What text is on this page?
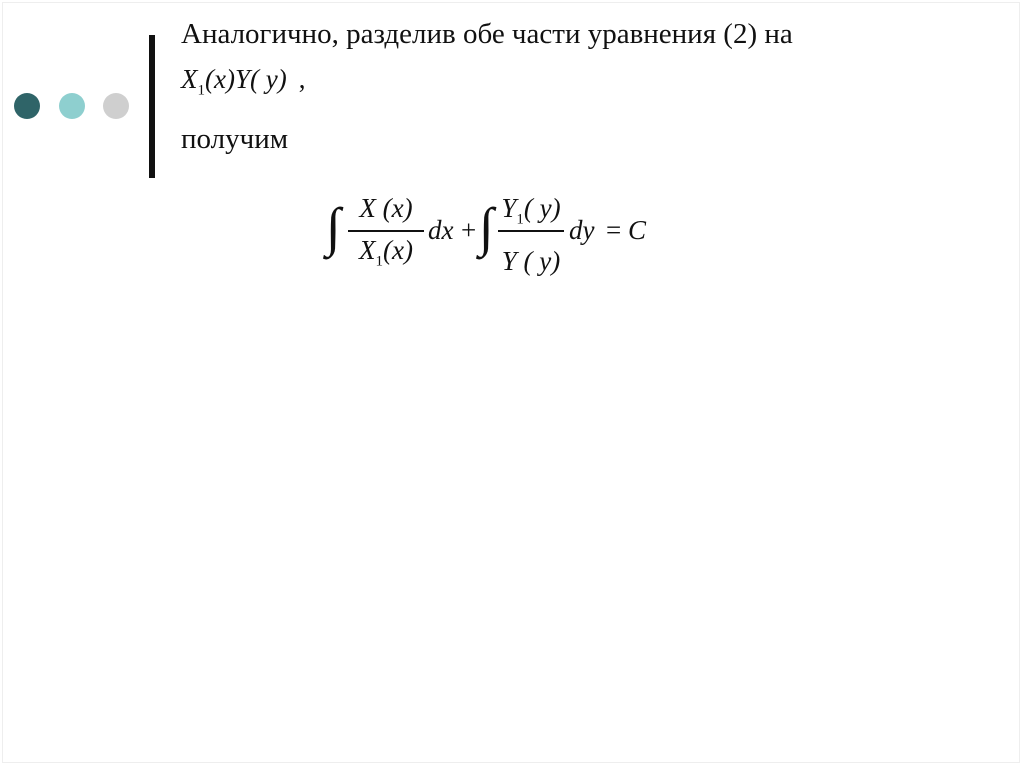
Аналогично, разделив обе части уравнения (2) на
$X_1(x)Y$( y) ,
получим
∫ X (x)
$X_1(x)$
dx + ∫ $Y_1$( y)
Y ( y)
dy = C
